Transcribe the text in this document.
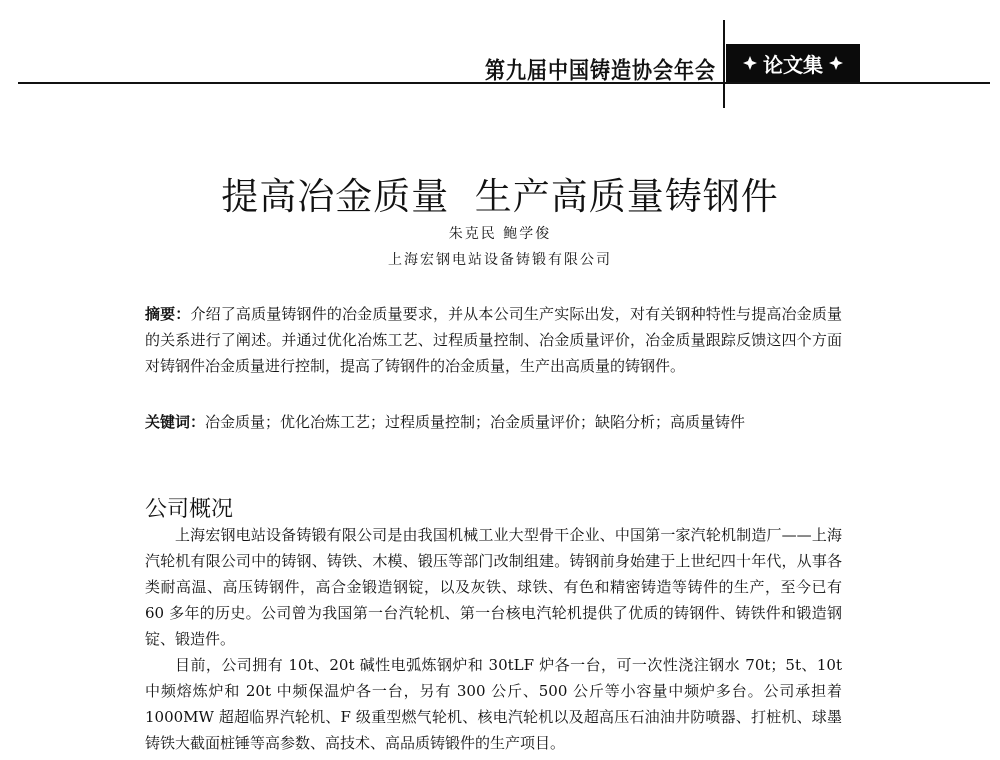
第九届中国铸造协会年会 论文集
提高冶金质量  生产高质量铸钢件
朱克民 鲍学俊
上海宏钢电站设备铸锻有限公司
摘要：介绍了高质量铸钢件的冶金质量要求，并从本公司生产实际出发，对有关钢种特性与提高冶金质量的关系进行了阐述。并通过优化冶炼工艺、过程质量控制、冶金质量评价，冶金质量跟踪反馈这四个方面对铸钢件冶金质量进行控制，提高了铸钢件的冶金质量，生产出高质量的铸钢件。
关键词：冶金质量；优化冶炼工艺；过程质量控制；冶金质量评价；缺陷分析；高质量铸件
公司概况
上海宏钢电站设备铸锻有限公司是由我国机械工业大型骨干企业、中国第一家汽轮机制造厂——上海汽轮机有限公司中的铸钢、铸铁、木模、锻压等部门改制组建。铸钢前身始建于上世纪四十年代，从事各类耐高温、高压铸钢件，高合金锻造钢锭，以及灰铁、球铁、有色和精密铸造等铸件的生产，至今已有 60 多年的历史。公司曾为我国第一台汽轮机、第一台核电汽轮机提供了优质的铸钢件、铸铁件和锻造钢锭、锻造件。
目前，公司拥有 10t、20t 碱性电弧炼钢炉和 30tLF 炉各一台，可一次性浇注钢水 70t；5t、10t 中频熔炼炉和 20t 中频保温炉各一台，另有 300 公斤、500 公斤等小容量中频炉多台。公司承担着 1000MW 超超临界汽轮机、F 级重型燃气轮机、核电汽轮机以及超高压石油油井防喷器、打桩机、球墨铸铁大截面桩锤等高参数、高技术、高品质铸锻件的生产项目。
